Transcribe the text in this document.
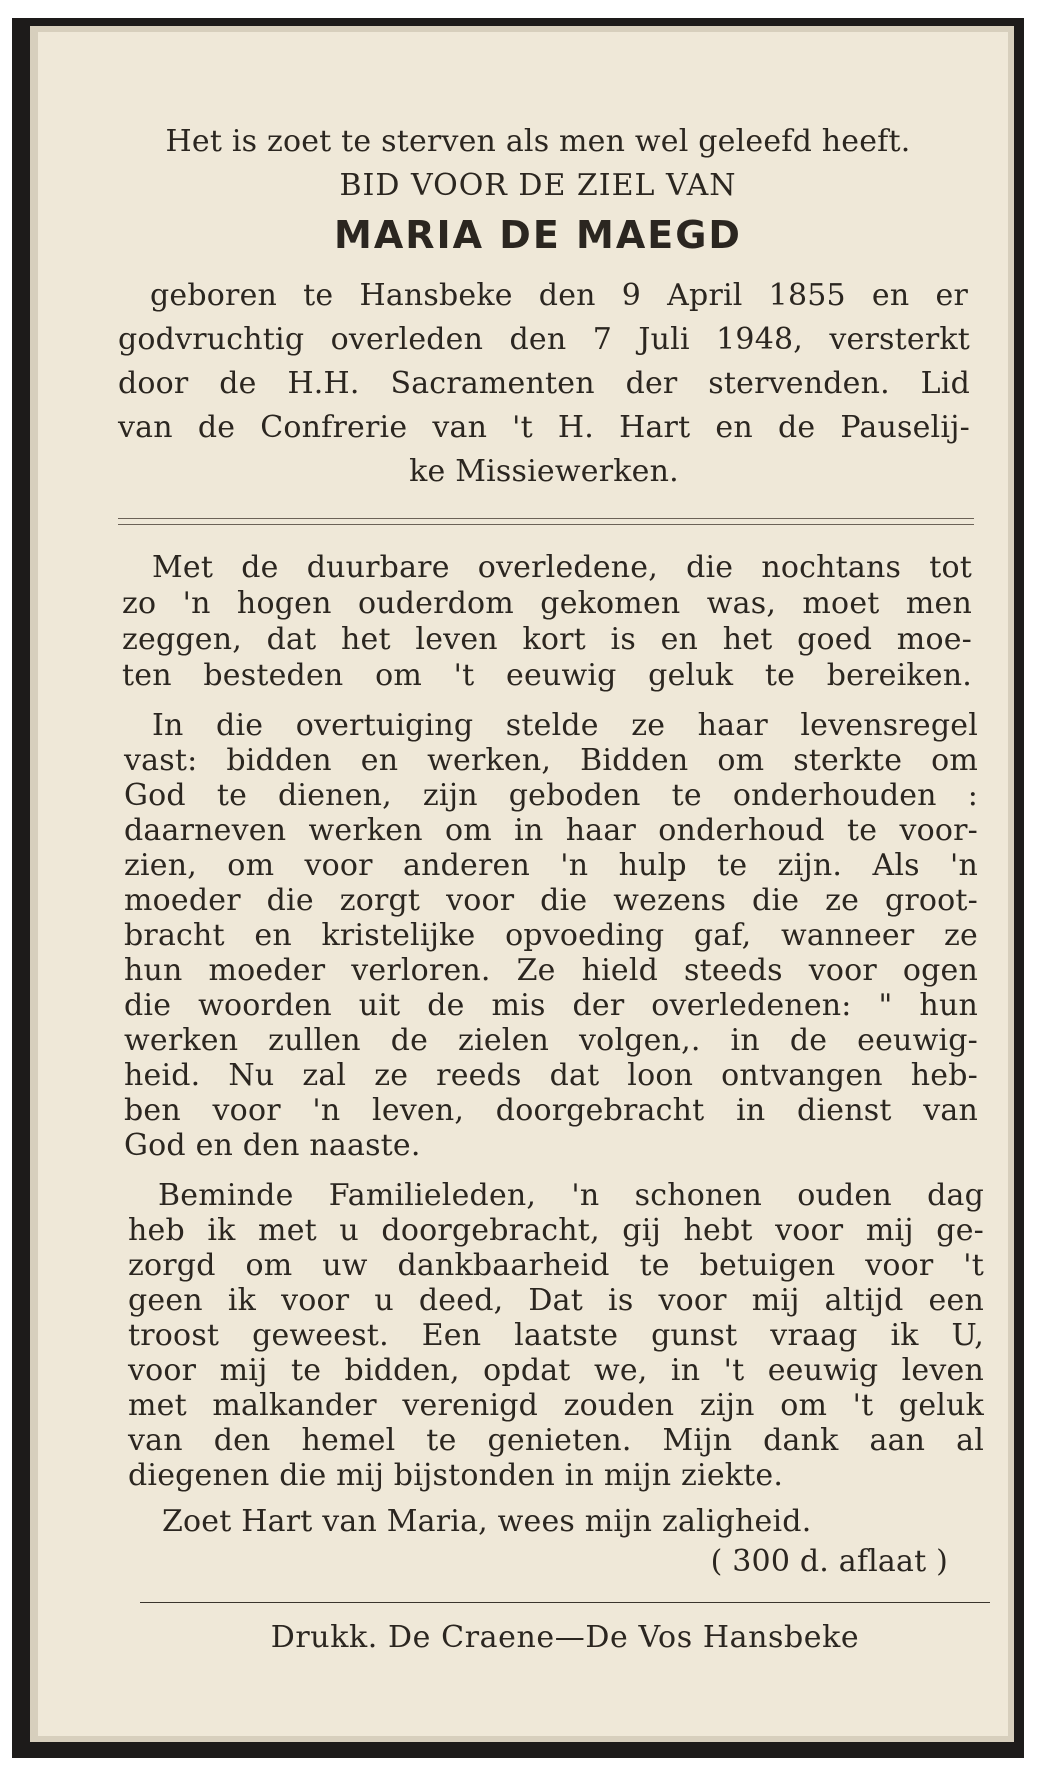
Het is zoet te sterven als men wel geleefd heeft.
BID VOOR DE ZIEL VAN
MARIA DE MAEGD
geboren te Hansbeke den 9 April 1855 en er
godvruchtig overleden den 7 Juli 1948, versterkt
door de H.H. Sacramenten der stervenden. Lid
van de Confrerie van 't H. Hart en de Pauselij-
ke Missiewerken.
Met de duurbare overledene, die nochtans tot
zo 'n hogen ouderdom gekomen was, moet men
zeggen, dat het leven kort is en het goed moe-
ten besteden om 't eeuwig geluk te bereiken.
In die overtuiging stelde ze haar levensregel
vast: bidden en werken, Bidden om sterkte om
God te dienen, zijn geboden te onderhouden :
daarneven werken om in haar onderhoud te voor-
zien, om voor anderen 'n hulp te zijn. Als 'n
moeder die zorgt voor die wezens die ze groot-
bracht en kristelijke opvoeding gaf, wanneer ze
hun moeder verloren. Ze hield steeds voor ogen
die woorden uit de mis der overledenen: " hun
werken zullen de zielen volgen,. in de eeuwig-
heid. Nu zal ze reeds dat loon ontvangen heb-
ben voor 'n leven, doorgebracht in dienst van
God en den naaste.
Beminde Familieleden, 'n schonen ouden dag
heb ik met u doorgebracht, gij hebt voor mij ge-
zorgd om uw dankbaarheid te betuigen voor 't
geen ik voor u deed, Dat is voor mij altijd een
troost geweest. Een laatste gunst vraag ik U,
voor mij te bidden, opdat we, in 't eeuwig leven
met malkander verenigd zouden zijn om 't geluk
van den hemel te genieten. Mijn dank aan al
diegenen die mij bijstonden in mijn ziekte.
Zoet Hart van Maria, wees mijn zaligheid.
( 300 d. aflaat )
Drukk. De Craene—De Vos Hansbeke
